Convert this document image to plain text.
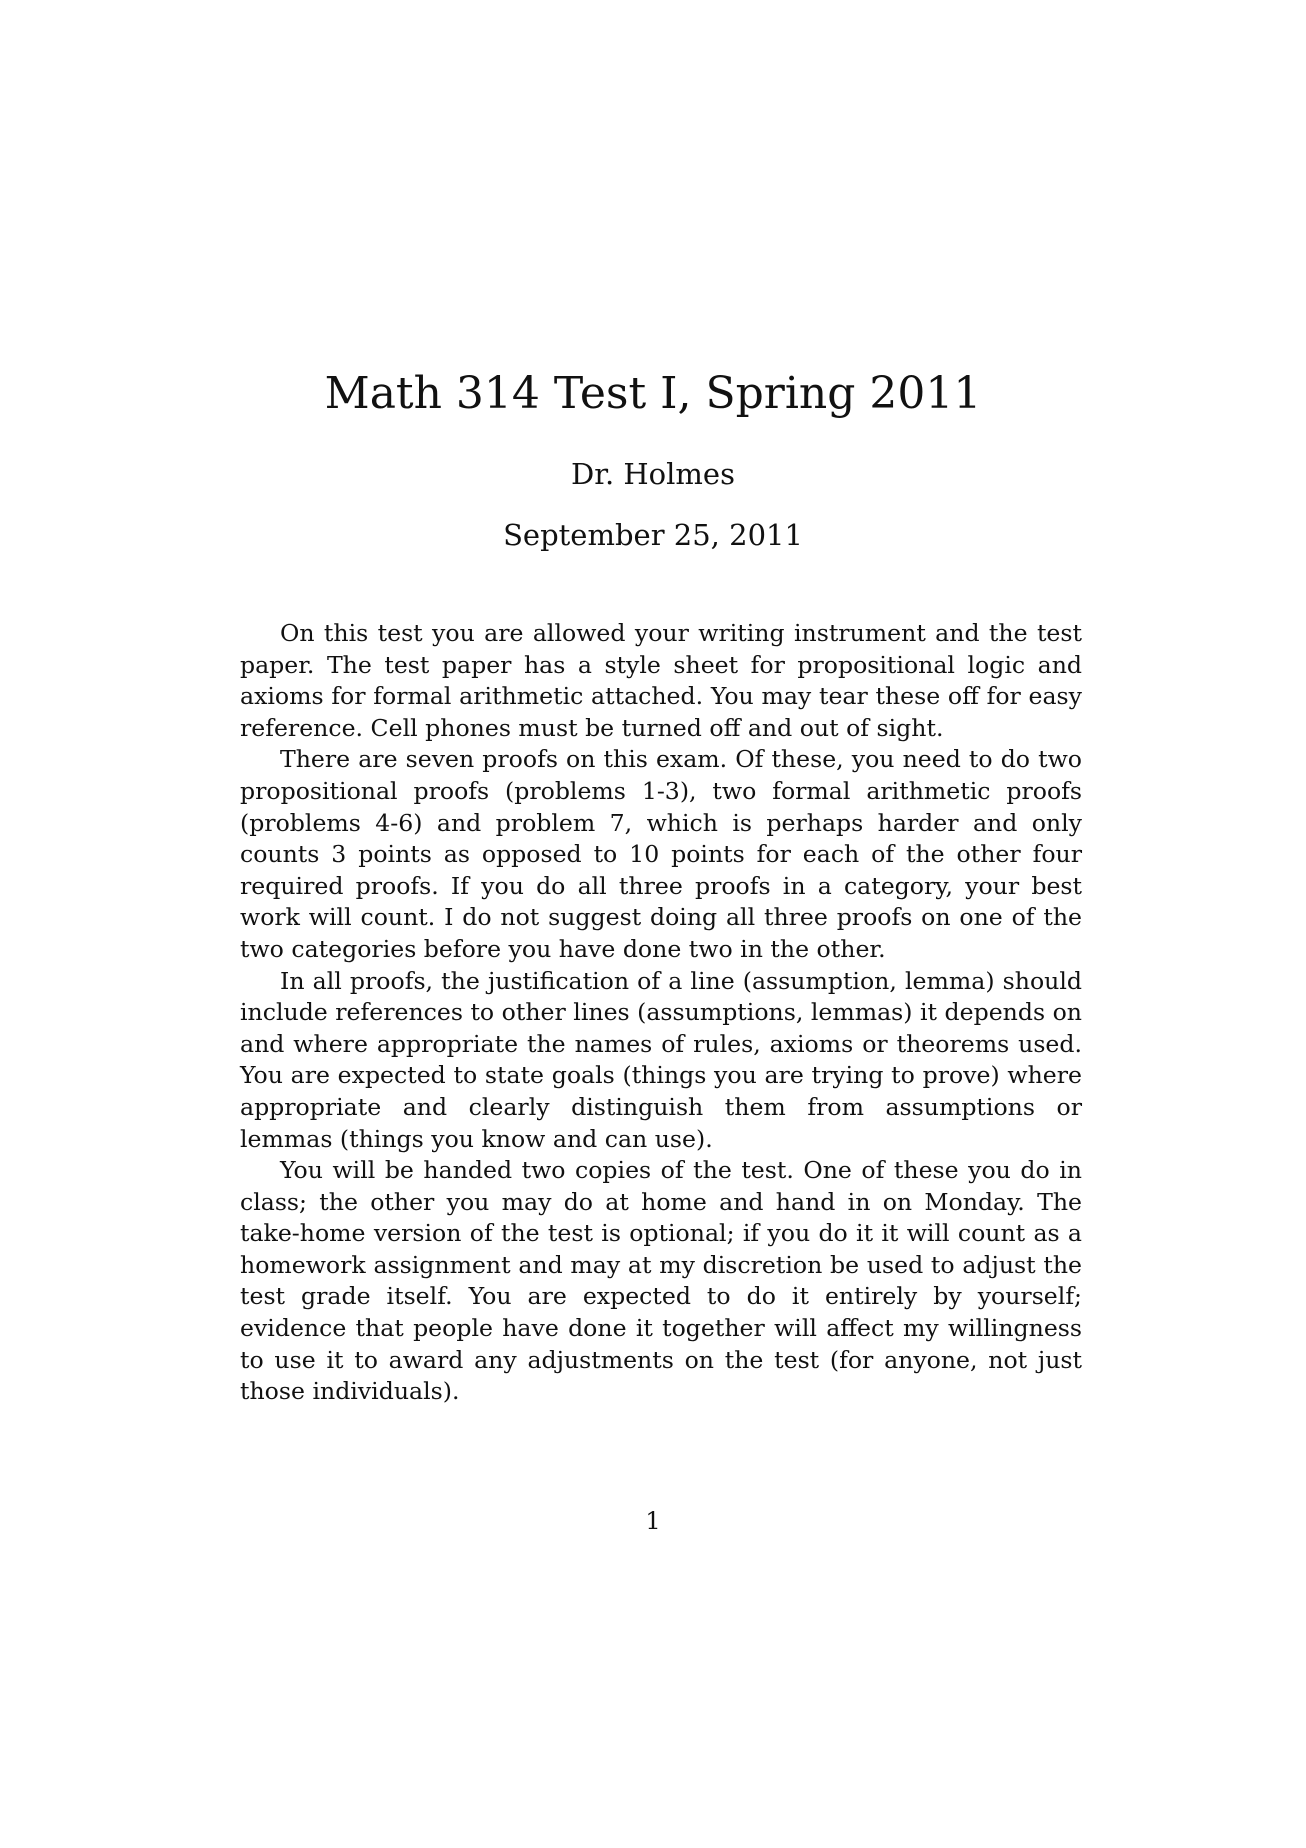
Math 314 Test I, Spring 2011
Dr. Holmes
September 25, 2011

On this test you are allowed your writing instrument and the test paper. The test paper has a style sheet for propositional logic and axioms for formal arithmetic attached. You may tear these off for easy reference. Cell phones must be turned off and out of sight.

There are seven proofs on this exam. Of these, you need to do two propositional proofs (problems 1-3), two formal arithmetic proofs (problems 4-6) and problem 7, which is perhaps harder and only counts 3 points as opposed to 10 points for each of the other four required proofs. If you do all three proofs in a category, your best work will count. I do not suggest doing all three proofs on one of the two categories before you have done two in the other.

In all proofs, the justification of a line (assumption, lemma) should include references to other lines (assumptions, lemmas) it depends on and where appropriate the names of rules, axioms or theorems used. You are expected to state goals (things you are trying to prove) where appropriate and clearly distinguish them from assumptions or lemmas (things you know and can use).

You will be handed two copies of the test. One of these you do in class; the other you may do at home and hand in on Monday. The take-home version of the test is optional; if you do it it will count as a homework assignment and may at my discretion be used to adjust the test grade itself. You are expected to do it entirely by yourself; evidence that people have done it together will affect my willingness to use it to award any adjustments on the test (for anyone, not just those individuals).

1
